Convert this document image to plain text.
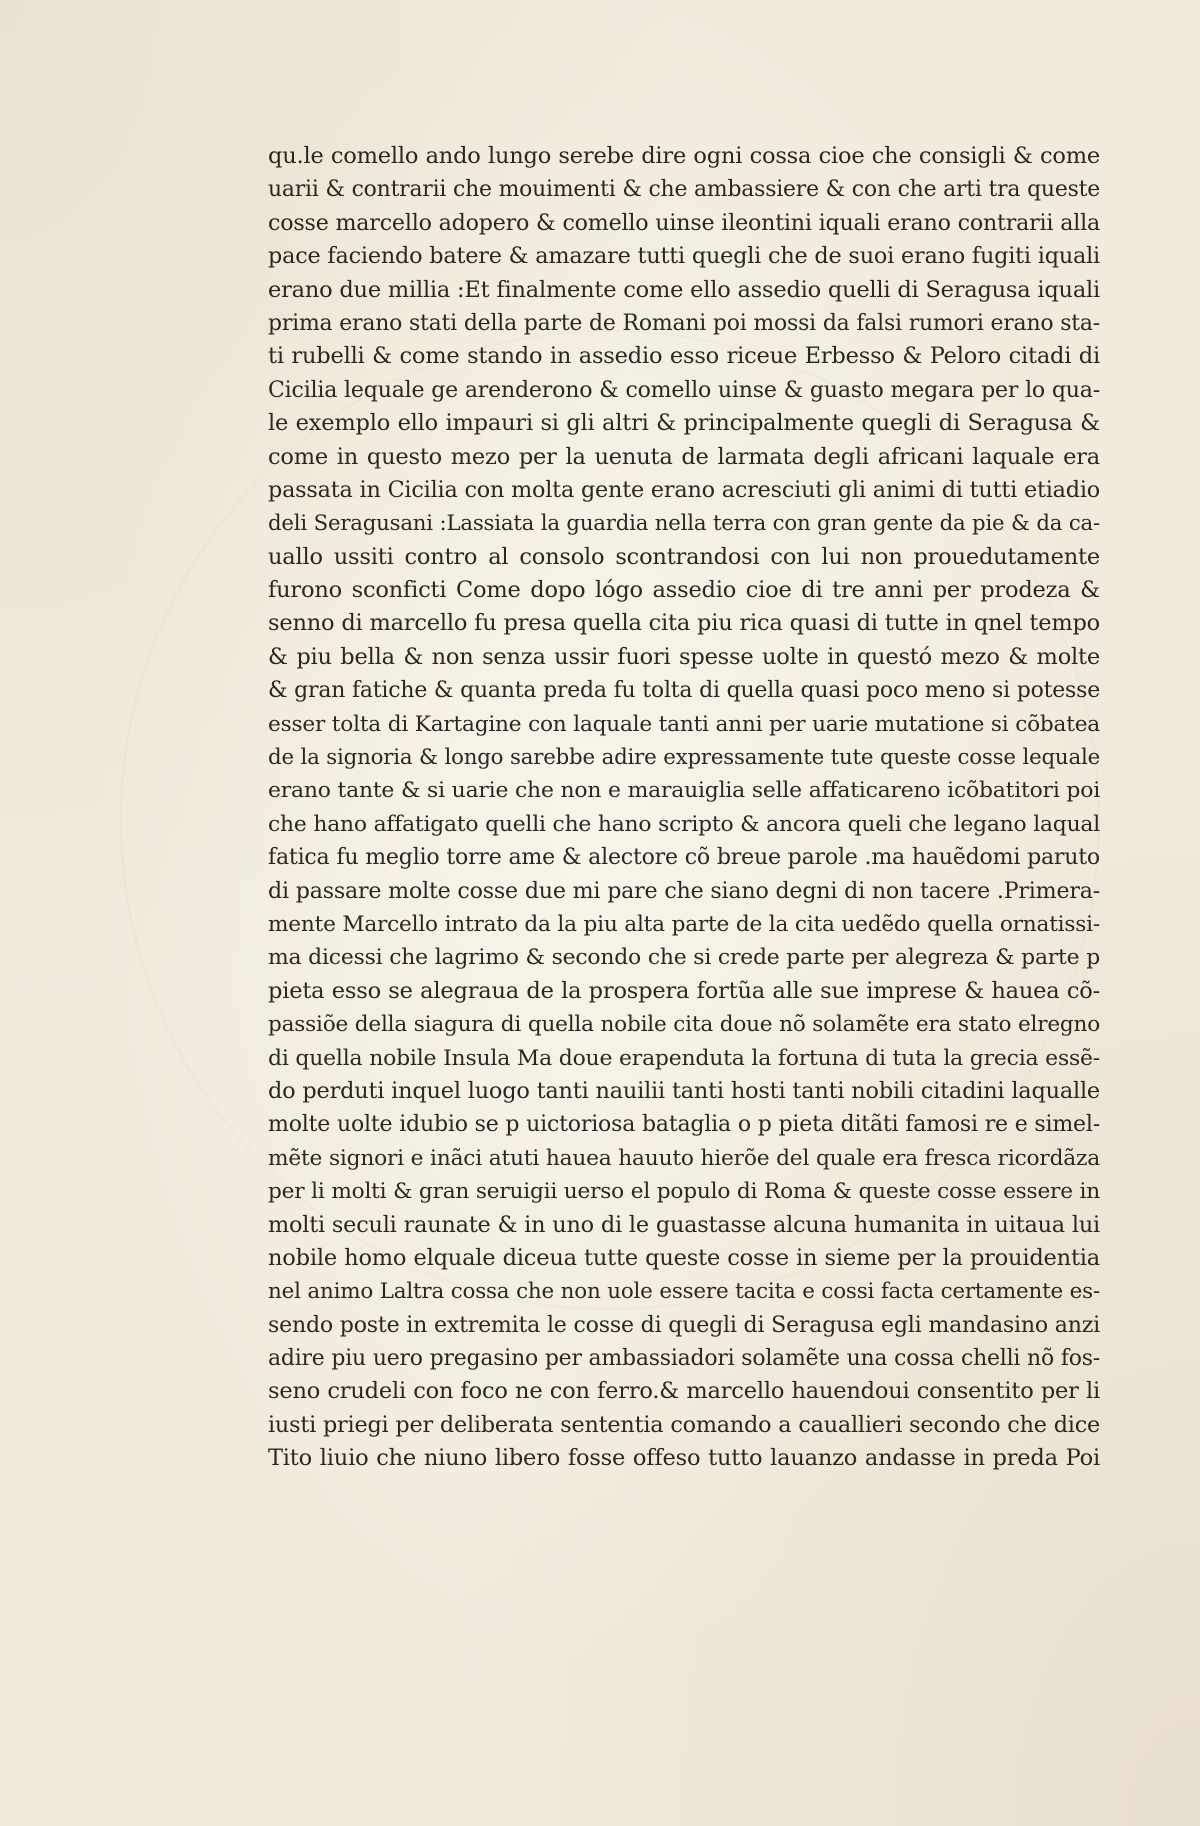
qu.le comello ando lungo serebe dire ogni cossa cioe che consigli & come
uarii & contrarii che mouimenti & che ambassiere & con che arti tra queste
cosse marcello adopero & comello uinse ileontini iquali erano contrarii alla
pace faciendo batere & amazare tutti quegli che de suoi erano fugiti iquali
erano due millia :Et finalmente come ello assedio quelli di Seragusa iquali
prima erano stati della parte de Romani poi mossi da falsi rumori erano sta-
ti rubelli & come stando in assedio esso riceue Erbesso & Peloro citadi di
Cicilia lequale ge arenderono & comello uinse & guasto megara per lo qua-
le exemplo ello impauri si gli altri & principalmente quegli di Seragusa &
come in questo mezo per la uenuta de larmata degli africani laquale era
passata in Cicilia con molta gente erano acresciuti gli animi di tutti etiadio
deli Seragusani :Lassiata la guardia nella terra con gran gente da pie & da ca-
uallo ussiti contro al consolo scontrandosi con lui non prouedutamente
furono sconficti Come dopo lógo assedio cioe di tre anni per prodeza &
senno di marcello fu presa quella cita piu rica quasi di tutte in qnel tempo
& piu bella & non senza ussir fuori spesse uolte in questó mezo & molte
& gran fatiche & quanta preda fu tolta di quella quasi poco meno si potesse
esser tolta di Kartagine con laquale tanti anni per uarie mutatione si cõbatea
de la signoria & longo sarebbe adire expressamente tute queste cosse lequale
erano tante & si uarie che non e marauiglia selle affaticareno icõbatitori poi
che hano affatigato quelli che hano scripto & ancora queli che legano laqual
fatica fu meglio torre ame & alectore cõ breue parole .ma hauẽdomi paruto
di passare molte cosse due mi pare che siano degni di non tacere .Primera-
mente Marcello intrato da la piu alta parte de la cita uedẽdo quella ornatissi-
ma dicessi che lagrimo & secondo che si crede parte per alegreza & parte p
pieta esso se alegraua de la prospera fortũa alle sue imprese & hauea cõ-
passiõe della siagura di quella nobile cita doue nõ solamẽte era stato elregno
di quella nobile Insula Ma doue erapenduta la fortuna di tuta la grecia essẽ-
do perduti inquel luogo tanti nauilii tanti hosti tanti nobili citadini laqualle
molte uolte idubio se p uictoriosa bataglia o p pieta ditãti famosi re e simel-
mẽte signori e inãci atuti hauea hauuto hierõe del quale era fresca ricordãza
per li molti & gran seruigii uerso el populo di Roma & queste cosse essere in
molti seculi raunate & in uno di le guastasse alcuna humanita in uitaua lui
nobile homo elquale diceua tutte queste cosse in sieme per la prouidentia
nel animo Laltra cossa che non uole essere tacita e cossi facta certamente es-
sendo poste in extremita le cosse di quegli di Seragusa egli mandasino anzi
adire piu uero pregasino per ambassiadori solamẽte una cossa chelli nõ fos-
seno crudeli con foco ne con ferro.& marcello hauendoui consentito per li
iusti priegi per deliberata sententia comando a cauallieri secondo che dice
Tito liuio che niuno libero fosse offeso tutto lauanzo andasse in preda Poi
